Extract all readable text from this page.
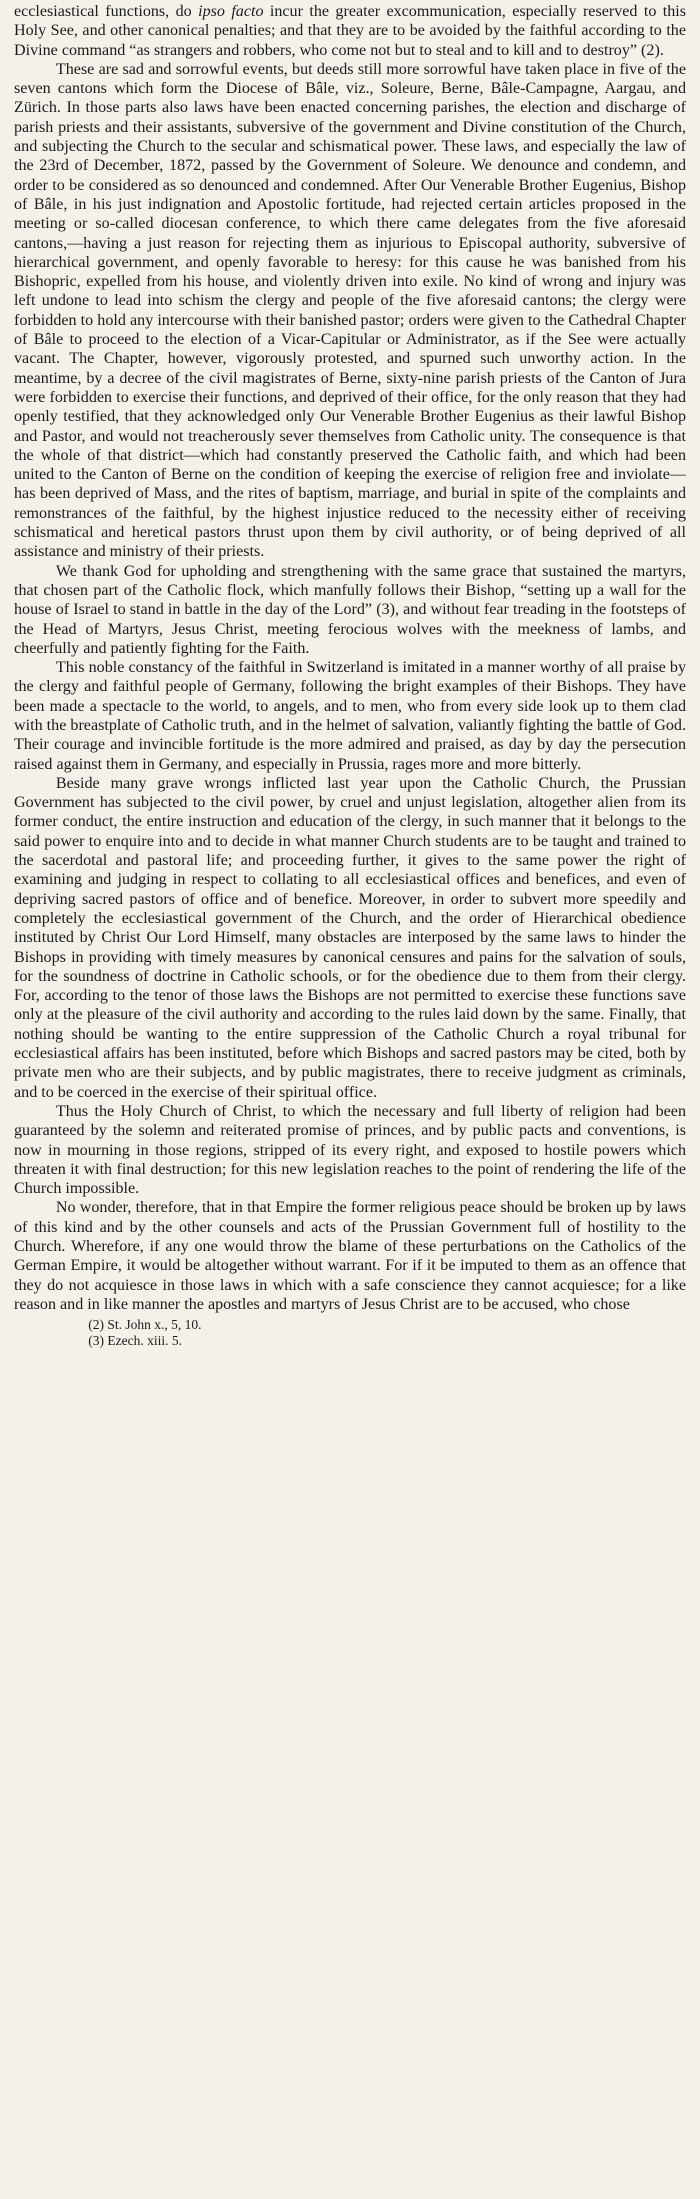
ecclesiastical functions, do ipso facto incur the greater excommunication, especially reserved to this Holy See, and other canonical penalties; and that they are to be avoided by the faithful according to the Divine command “as strangers and robbers, who come not but to steal and to kill and to destroy” (2).

These are sad and sorrowful events, but deeds still more sorrowful have taken place in five of the seven cantons which form the Diocese of Bâle, viz., Soleure, Berne, Bâle-Campagne, Aargau, and Zürich. In those parts also laws have been enacted concerning parishes, the election and discharge of parish priests and their assistants, subversive of the government and Divine constitution of the Church, and subjecting the Church to the secular and schismatical power. These laws, and especially the law of the 23rd of December, 1872, passed by the Government of Soleure. We denounce and condemn, and order to be considered as so denounced and condemned. After Our Venerable Brother Eugenius, Bishop of Bâle, in his just indignation and Apostolic fortitude, had rejected certain articles proposed in the meeting or so-called diocesan conference, to which there came delegates from the five aforesaid cantons,—having a just reason for rejecting them as injurious to Episcopal authority, subversive of hierarchical government, and openly favorable to heresy: for this cause he was banished from his Bishopric, expelled from his house, and violently driven into exile. No kind of wrong and injury was left undone to lead into schism the clergy and people of the five aforesaid cantons; the clergy were forbidden to hold any intercourse with their banished pastor; orders were given to the Cathedral Chapter of Bâle to proceed to the election of a Vicar-Capitular or Administrator, as if the See were actually vacant. The Chapter, however, vigorously protested, and spurned such unworthy action. In the meantime, by a decree of the civil magistrates of Berne, sixty-nine parish priests of the Canton of Jura were forbidden to exercise their functions, and deprived of their office, for the only reason that they had openly testified, that they acknowledged only Our Venerable Brother Eugenius as their lawful Bishop and Pastor, and would not treacherously sever themselves from Catholic unity. The consequence is that the whole of that district—which had constantly preserved the Catholic faith, and which had been united to the Canton of Berne on the condition of keeping the exercise of religion free and inviolate—has been deprived of Mass, and the rites of baptism, marriage, and burial in spite of the complaints and remonstrances of the faithful, by the highest injustice reduced to the necessity either of receiving schismatical and heretical pastors thrust upon them by civil authority, or of being deprived of all assistance and ministry of their priests.

We thank God for upholding and strengthening with the same grace that sustained the martyrs, that chosen part of the Catholic flock, which manfully follows their Bishop, “setting up a wall for the house of Israel to stand in battle in the day of the Lord” (3), and without fear treading in the footsteps of the Head of Martyrs, Jesus Christ, meeting ferocious wolves with the meekness of lambs, and cheerfully and patiently fighting for the Faith.

This noble constancy of the faithful in Switzerland is imitated in a manner worthy of all praise by the clergy and faithful people of Germany, following the bright examples of their Bishops. They have been made a spectacle to the world, to angels, and to men, who from every side look up to them clad with the breastplate of Catholic truth, and in the helmet of salvation, valiantly fighting the battle of God. Their courage and invincible fortitude is the more admired and praised, as day by day the persecution raised against them in Germany, and especially in Prussia, rages more and more bitterly.

Beside many grave wrongs inflicted last year upon the Catholic Church, the Prussian Government has subjected to the civil power, by cruel and unjust legislation, altogether alien from its former conduct, the entire instruction and education of the clergy, in such manner that it belongs to the said power to enquire into and to decide in what manner Church students are to be taught and trained to the sacerdotal and pastoral life; and proceeding further, it gives to the same power the right of examining and judging in respect to collating to all ecclesiastical offices and benefices, and even of depriving sacred pastors of office and of benefice. Moreover, in order to subvert more speedily and completely the ecclesiastical government of the Church, and the order of Hierarchical obedience instituted by Christ Our Lord Himself, many obstacles are interposed by the same laws to hinder the Bishops in providing with timely measures by canonical censures and pains for the salvation of souls, for the soundness of doctrine in Catholic schools, or for the obedience due to them from their clergy. For, according to the tenor of those laws the Bishops are not permitted to exercise these functions save only at the pleasure of the civil authority and according to the rules laid down by the same. Finally, that nothing should be wanting to the entire suppression of the Catholic Church a royal tribunal for ecclesiastical affairs has been instituted, before which Bishops and sacred pastors may be cited, both by private men who are their subjects, and by public magistrates, there to receive judgment as criminals, and to be coerced in the exercise of their spiritual office.

Thus the Holy Church of Christ, to which the necessary and full liberty of religion had been guaranteed by the solemn and reiterated promise of princes, and by public pacts and conventions, is now in mourning in those regions, stripped of its every right, and exposed to hostile powers which threaten it with final destruction; for this new legislation reaches to the point of rendering the life of the Church impossible.

No wonder, therefore, that in that Empire the former religious peace should be broken up by laws of this kind and by the other counsels and acts of the Prussian Government full of hostility to the Church. Wherefore, if any one would throw the blame of these perturbations on the Catholics of the German Empire, it would be altogether without warrant. For if it be imputed to them as an offence that they do not acquiesce in those laws in which with a safe conscience they cannot acquiesce; for a like reason and in like manner the apostles and martyrs of Jesus Christ are to be accused, who chose

(2) St. John x., 5, 10.

(3) Ezech. xiii. 5.
